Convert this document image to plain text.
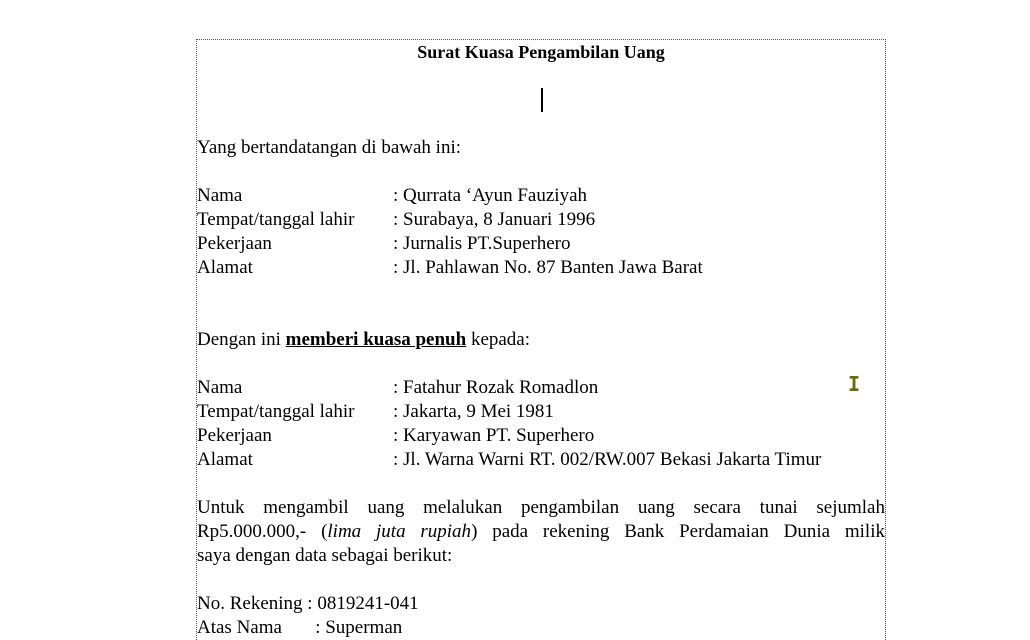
Surat Kuasa Pengambilan Uang
Yang bertandatangan di bawah ini:
Nama	: Qurrata ‘Ayun Fauziyah
Tempat/tanggal lahir : Surabaya, 8 Januari 1996
Pekerjaan	: Jurnalis PT.Superhero
Alamat	: Jl. Pahlawan No. 87 Banten Jawa Barat
Dengan ini memberi kuasa penuh kepada:
Nama	: Fatahur Rozak Romadlon
Tempat/tanggal lahir : Jakarta, 9 Mei 1981
Pekerjaan	: Karyawan PT. Superhero
Alamat	: Jl. Warna Warni RT. 002/RW.007 Bekasi Jakarta Timur
Untuk mengambil uang melalukan pengambilan uang secara tunai sejumlah
Rp5.000.000,- (lima juta rupiah) pada rekening Bank Perdamaian Dunia milik
saya dengan data sebagai berikut:
No. Rekening : 0819241-041
Atas Nama       : Superman
I
